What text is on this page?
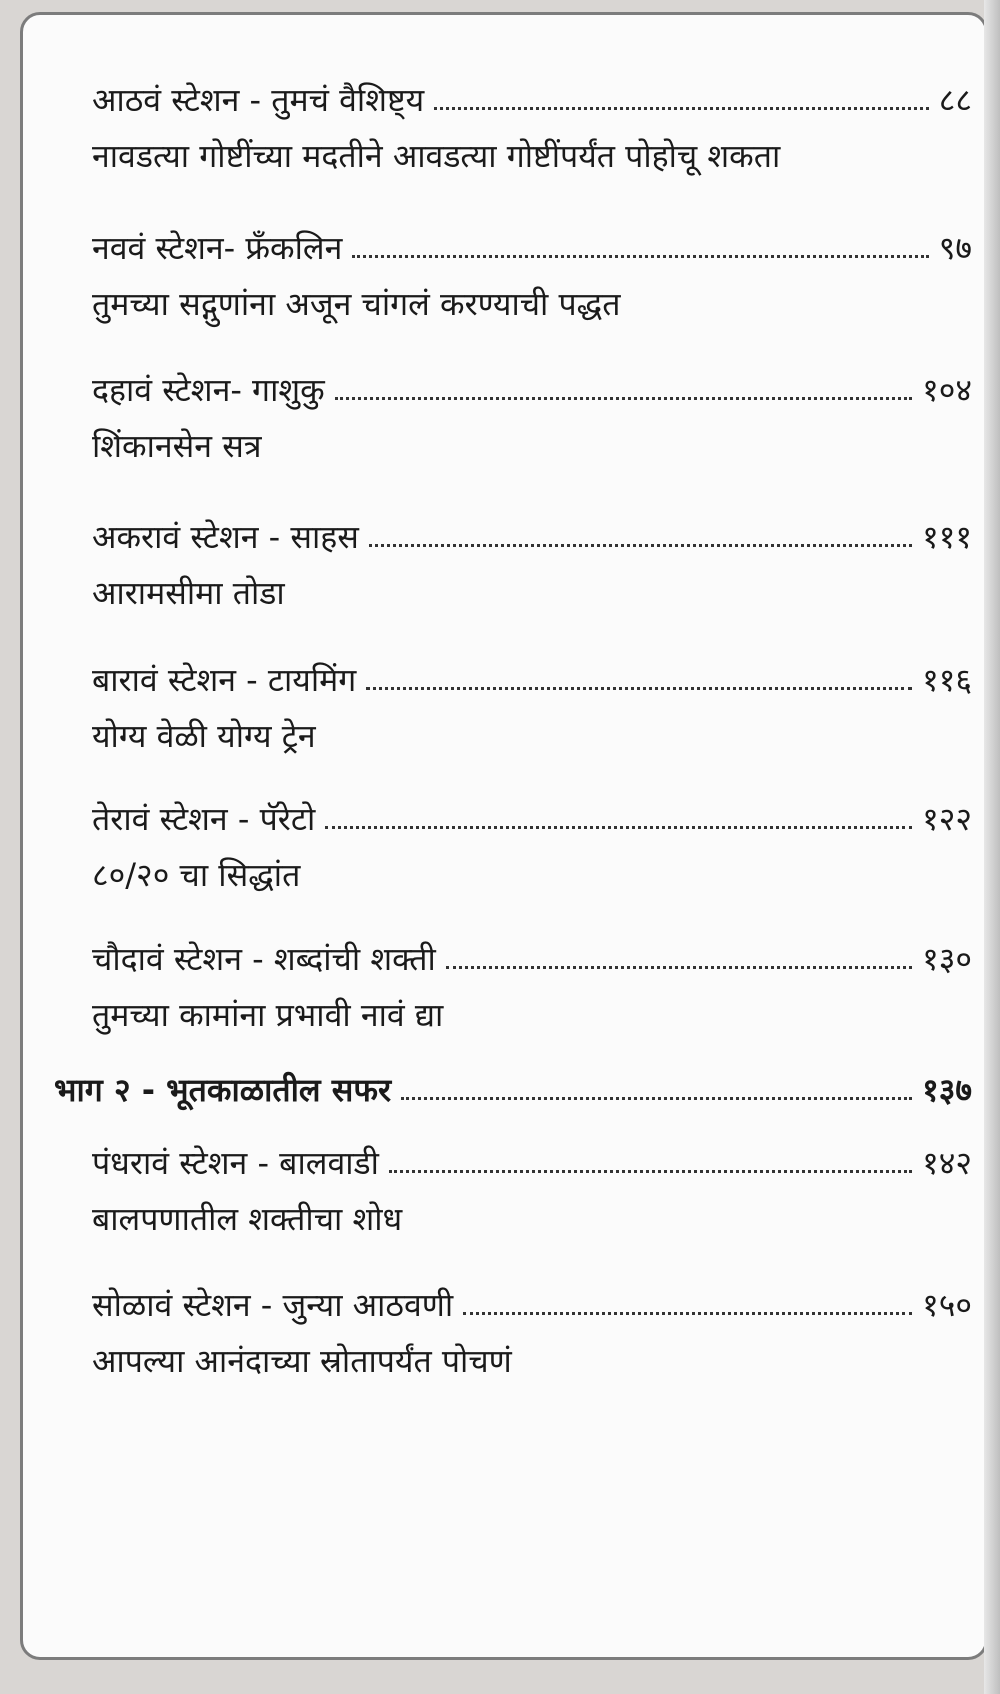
आठवं स्टेशन - तुमचं वैशिष्ट्य	८८
नावडत्या गोष्टींच्या मदतीने आवडत्या गोष्टींपर्यंत पोहोचू शकता
नववं स्टेशन- फ्रँकलिन	९७
तुमच्या सद्गुणांना अजून चांगलं करण्याची पद्धत
दहावं स्टेशन- गाशुकु	१०४
शिंकानसेन सत्र
अकरावं स्टेशन - साहस	१११
आरामसीमा तोडा
बारावं स्टेशन - टायमिंग	११६
योग्य वेळी योग्य ट्रेन
तेरावं स्टेशन - पॅरेटो	१२२
८०/२० चा सिद्धांत
चौदावं स्टेशन - शब्दांची शक्ती	१३०
तुमच्या कामांना प्रभावी नावं द्या
भाग २ - भूतकाळातील सफर	१३७
पंधरावं स्टेशन - बालवाडी	१४२
बालपणातील शक्तीचा शोध
सोळावं स्टेशन - जुन्या आठवणी	१५०
आपल्या आनंदाच्या स्रोतापर्यंत पोचणं
